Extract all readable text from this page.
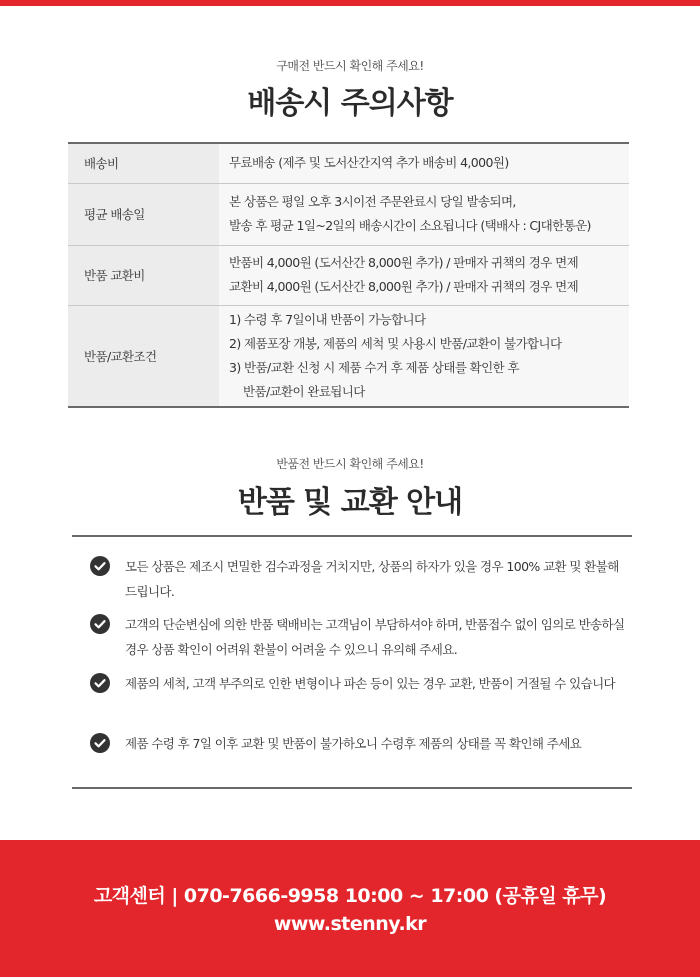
구매전 반드시 확인해 주세요!
배송시 주의사항
배송비	무료배송 (제주 및 도서산간지역 추가 배송비 4,000원)

평균 배송일	본 상품은 평일 오후 3시이전 주문완료시 당일 발송되며,
발송 후 평균 1일~2일의 배송시간이 소요됩니다 (택배사 : CJ대한통운)

반품 교환비	반품비 4,000원 (도서산간 8,000원 추가) / 판매자 귀책의 경우 면제
교환비 4,000원 (도서산간 8,000원 추가) / 판매자 귀책의 경우 면제

반품/교환조건	1) 수령 후 7일이내 반품이 가능합니다
2) 제품포장 개봉, 제품의 세척 및 사용시 반품/교환이 불가합니다
3) 반품/교환 신청 시 제품 수거 후 제품 상태를 확인한 후
반품/교환이 완료됩니다
반품전 반드시 확인해 주세요!
반품 및 교환 안내
모든 상품은 제조시 면밀한 검수과정을 거치지만, 상품의 하자가 있을 경우 100% 교환 및 환불해 드립니다.
고객의 단순변심에 의한 반품 택배비는 고객님이 부담하셔야 하며, 반품접수 없이 임의로 반송하실 경우 상품 확인이 어려워 환불이 어려울 수 있으니 유의해 주세요.
제품의 세척, 고객 부주의로 인한 변형이나 파손 등이 있는 경우 교환, 반품이 거절될 수 있습니다
제품 수령 후 7일 이후 교환 및 반품이 불가하오니 수령후 제품의 상태를 꼭 확인해 주세요
고객센터 | 070-7666-9958 10:00 ~ 17:00 (공휴일 휴무)
www.stenny.kr
